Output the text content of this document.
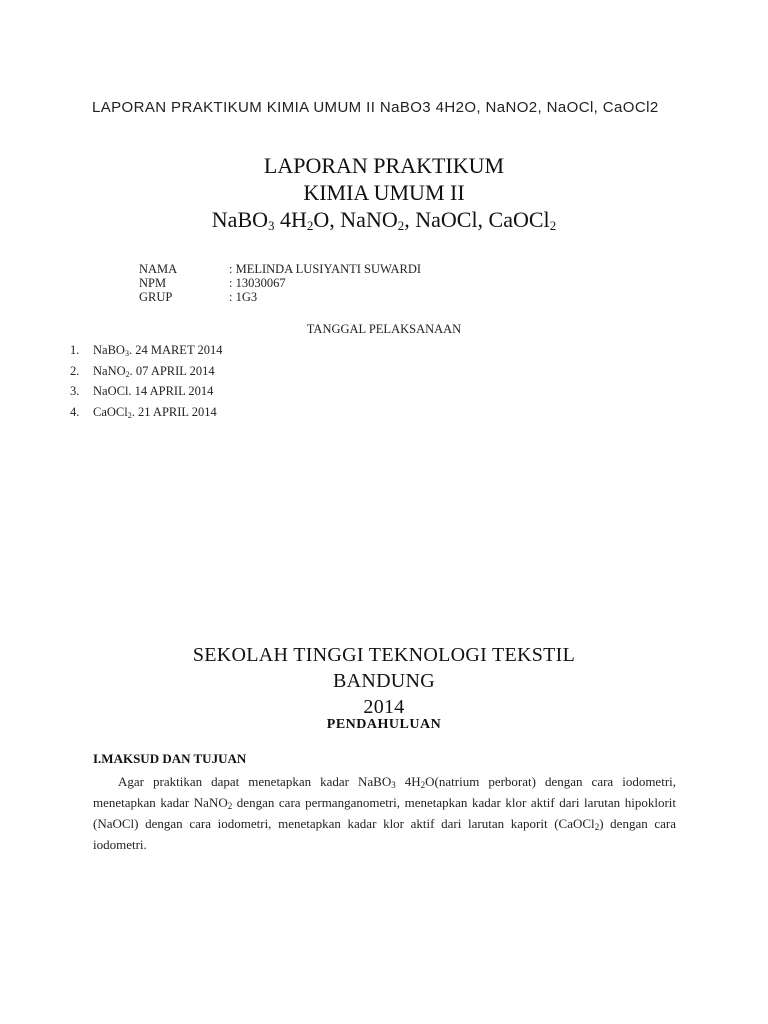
LAPORAN PRAKTIKUM KIMIA UMUM II NaBO3 4H2O, NaNO2, NaOCl, CaOCl2
LAPORAN PRAKTIKUM
KIMIA UMUM II
NaBO$_3$ $4H_2O$, NaNO$_2$, NaOCl, CaOCl$_2$
NAMA	: MELINDA LUSIYANTI SUWARDI
NPM	: 13030067
GRUP	: 1G3
TANGGAL PELAKSANAAN
1.	NaBO$_3$. 24 MARET 2014
2.	NaNO$_2$. 07 APRIL 2014
3.	NaOCl. 14 APRIL 2014
4.	CaOCl$_2$. 21 APRIL 2014
SEKOLAH TINGGI TEKNOLOGI TEKSTIL
BANDUNG
2014
PENDAHULUAN
I.MAKSUD DAN TUJUAN

Agar praktikan dapat menetapkan kadar NaBO$_3$ $4H_2O(natrium$ perborat) dengan cara iodometri, menetapkan kadar NaNO$_2$ dengan cara permanganometri, menetapkan kadar klor aktif dari larutan hipoklorit (NaOCl) dengan cara iodometri, menetapkan kadar klor aktif dari larutan kaporit (CaOCl$_2$) dengan cara iodometri.
